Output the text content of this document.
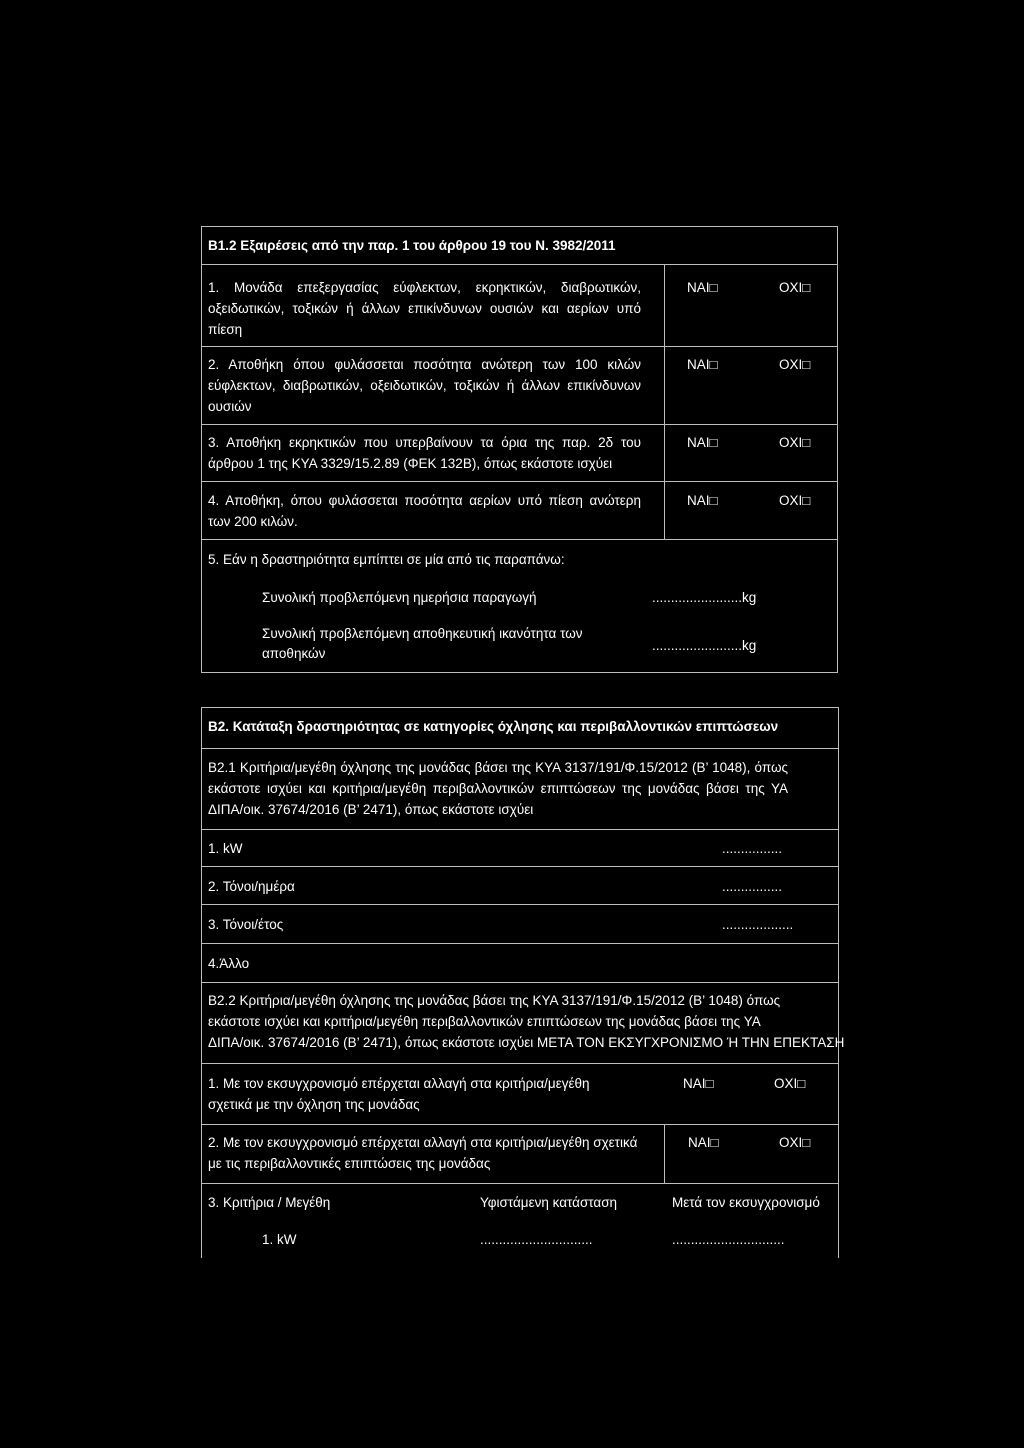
Β1.2 Εξαιρέσεις από την παρ. 1 του άρθρου 19 του Ν. 3982/2011
1. Μονάδα επεξεργασίας εύφλεκτων, εκρηκτικών, διαβρωτικών, οξειδωτικών, τοξικών ή άλλων επικίνδυνων ουσιών και αερίων υπό πίεση
ΝΑΙ□	ΟΧΙ□
2. Αποθήκη όπου φυλάσσεται ποσότητα ανώτερη των 100 κιλών εύφλεκτων, διαβρωτικών, οξειδωτικών, τοξικών ή άλλων επικίνδυνων ουσιών
ΝΑΙ□	ΟΧΙ□
3. Αποθήκη εκρηκτικών που υπερβαίνουν τα όρια της παρ. 2δ του άρθρου 1 της ΚΥΑ 3329/15.2.89 (ΦΕΚ 132Β), όπως εκάστοτε ισχύει
ΝΑΙ□	ΟΧΙ□
4. Αποθήκη, όπου φυλάσσεται ποσότητα αερίων υπό πίεση ανώτερη των 200 κιλών.
ΝΑΙ□	ΟΧΙ□
5. Εάν η δραστηριότητα εμπίπτει σε μία από τις παραπάνω:
Συνολική προβλεπόμενη ημερήσια παραγωγή	........................kg
Συνολική προβλεπόμενη αποθηκευτική ικανότητα των
αποθηκών
........................kg
Β2. Κατάταξη δραστηριότητας σε κατηγορίες όχλησης και περιβαλλοντικών επιπτώσεων
Β2.1 Κριτήρια/μεγέθη όχλησης της μονάδας βάσει της ΚΥΑ 3137/191/Φ.15/2012 (Β’ 1048), όπως εκάστοτε ισχύει και κριτήρια/μεγέθη περιβαλλοντικών επιπτώσεων της μονάδας βάσει της ΥΑ ΔΙΠΑ/οικ. 37674/2016 (Β’ 2471), όπως εκάστοτε ισχύει
1. kW	................
2. Τόνοι/ημέρα	................
3. Τόνοι/έτος	...................
4.Άλλο
Β2.2 Κριτήρια/μεγέθη όχλησης της μονάδας βάσει της ΚΥΑ 3137/191/Φ.15/2012 (Β’ 1048) όπως
εκάστοτε ισχύει και κριτήρια/μεγέθη περιβαλλοντικών επιπτώσεων της μονάδας βάσει της ΥΑ
ΔΙΠΑ/οικ. 37674/2016 (Β’ 2471), όπως εκάστοτε ισχύει ΜΕΤΑ ΤΟΝ ΕΚΣΥΓΧΡΟΝΙΣΜΟ Ή ΤΗΝ ΕΠΕΚΤΑΣΗ
1. Με τον εκσυγχρονισμό επέρχεται αλλαγή στα κριτήρια/μεγέθη
σχετικά με την όχληση της μονάδας
ΝΑΙ□	ΟΧΙ□
2. Με τον εκσυγχρονισμό επέρχεται αλλαγή στα κριτήρια/μεγέθη σχετικά
με τις περιβαλλοντικές επιπτώσεις της μονάδας
ΝΑΙ□	ΟΧΙ□
3. Κριτήρια / Μεγέθη	Υφιστάμενη κατάσταση	Μετά τον εκσυγχρονισμό
1. kW	..............................	..............................
